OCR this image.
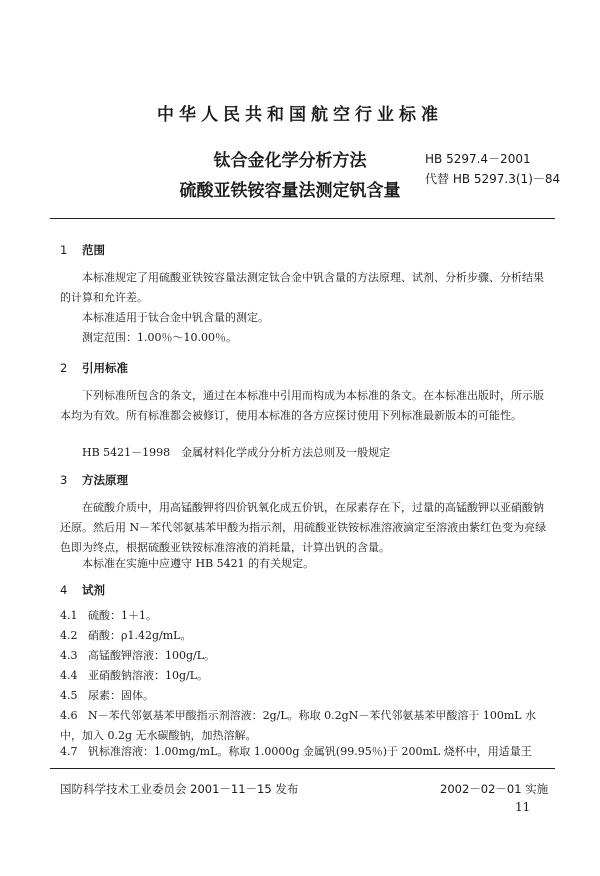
中华人民共和国航空行业标准
钛合金化学分析方法
硫酸亚铁铵容量法测定钒含量
HB 5297.4－2001
代替 HB 5297.3(1)－84
1 范围
本标准规定了用硫酸亚铁铵容量法测定钛合金中钒含量的方法原理、试剂、分析步骤、分析结果的计算和允许差。
本标准适用于钛合金中钒含量的测定。
测定范围：1.00％～10.00％。
2 引用标准
下列标准所包含的条文，通过在本标准中引用而构成为本标准的条文。在本标准出版时，所示版本均为有效。所有标准都会被修订，使用本标准的各方应探讨使用下列标准最新版本的可能性。
HB 5421－1998　金属材料化学成分分析方法总则及一般规定
3 方法原理
在硫酸介质中，用高锰酸钾将四价钒氧化成五价钒，在尿素存在下，过量的高锰酸钾以亚硝酸钠还原。然后用 N－苯代邻氨基苯甲酸为指示剂，用硫酸亚铁铵标准溶液滴定至溶液由紫红色变为亮绿色即为终点，根据硫酸亚铁铵标准溶液的消耗量，计算出钒的含量。
本标准在实施中应遵守 HB 5421 的有关规定。
4 试剂
4.1 硫酸：1＋1。
4.2 硝酸：ρ1.42g/mL。
4.3 高锰酸钾溶液：100g/L。
4.4 亚硝酸钠溶液：10g/L。
4.5 尿素：固体。
4.6 N－苯代邻氨基苯甲酸指示剂溶液：2g/L。称取 0.2gN－苯代邻氨基苯甲酸溶于 100mL 水中，加入 0.2g 无水碳酸钠，加热溶解。
4.7 钒标准溶液：1.00mg/mL。称取 1.0000g 金属钒(99.95％)于 200mL 烧杯中，用适量王
国防科学技术工业委员会 2001－11－15 发布	2002－02－01 实施
11
